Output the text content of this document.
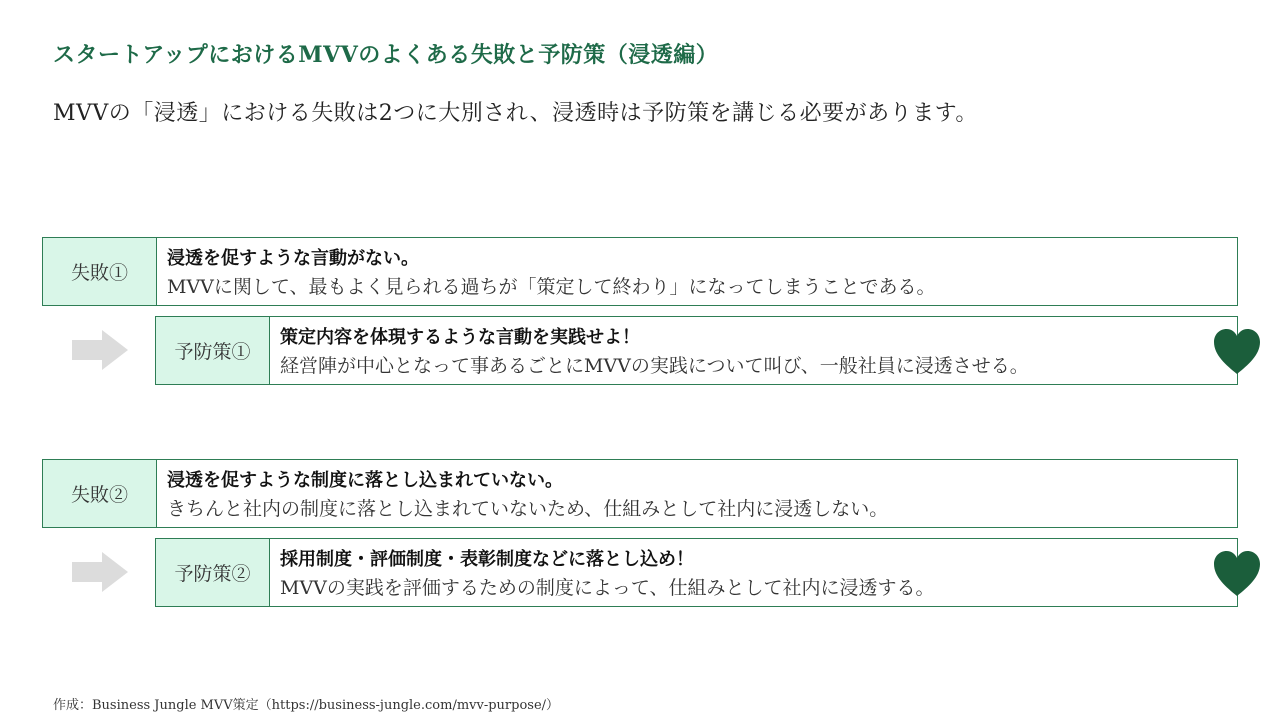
スタートアップにおけるMVVのよくある失敗と予防策（浸透編）
MVVの「浸透」における失敗は2つに大別され、浸透時は予防策を講じる必要があります。
失敗①
浸透を促すような言動がない。
MVVに関して、最もよく見られる過ちが「策定して終わり」になってしまうことである。
予防策①
策定内容を体現するような言動を実践せよ！
経営陣が中心となって事あるごとにMVVの実践について叫び、一般社員に浸透させる。
失敗②
浸透を促すような制度に落とし込まれていない。
きちんと社内の制度に落とし込まれていないため、仕組みとして社内に浸透しない。
予防策②
採用制度・評価制度・表彰制度などに落とし込め！
MVVの実践を評価するための制度によって、仕組みとして社内に浸透する。
作成：Business Jungle MVV策定（https://business-jungle.com/mvv-purpose/）
